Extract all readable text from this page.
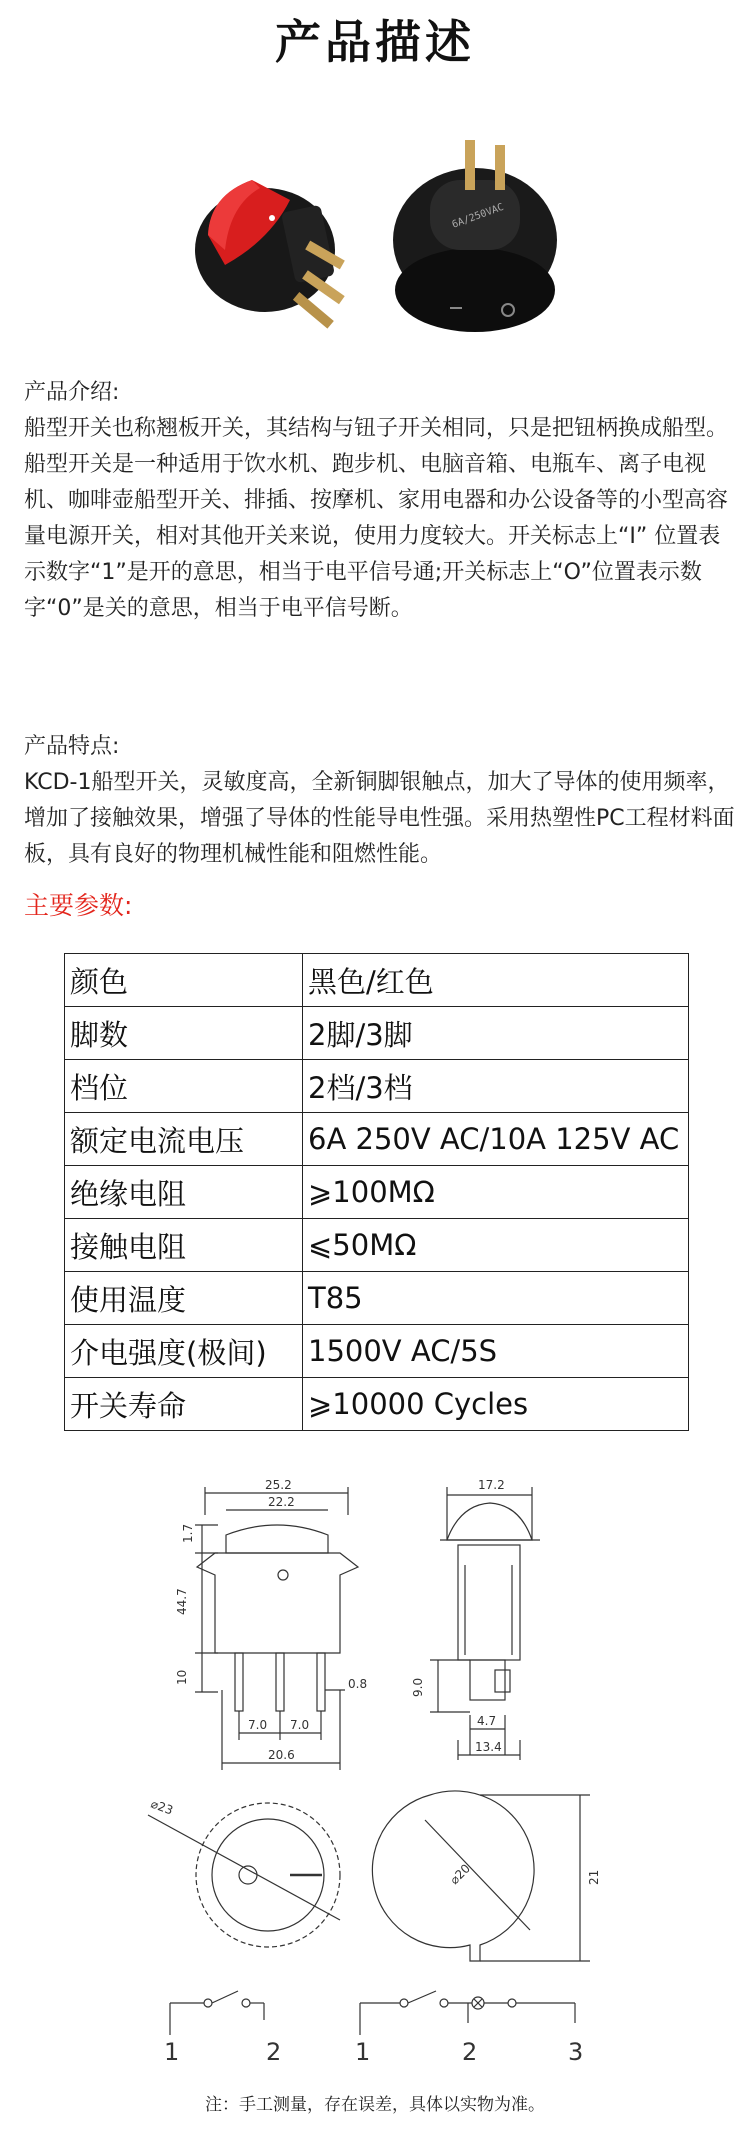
产品描述
6A/250VAC

产品介绍:

船型开关也称翘板开关，其结构与钮子开关相同，只是把钮柄换成船型。船型开关是一种适用于饮水机、跑步机、电脑音箱、电瓶车、离子电视机、咖啡壶船型开关、排插、按摩机、家用电器和办公设备等的小型高容量电源开关，相对其他开关来说，使用力度较大。开关标志上“I” 位置表示数字“1”是开的意思，相当于电平信号通;开关标志上“O”位置表示数字“0”是关的意思，相当于电平信号断。

产品特点:

KCD-1船型开关，灵敏度高，全新铜脚银触点，加大了导体的使用频率，增加了接触效果，增强了导体的性能导电性强。采用热塑性PC工程材料面板，具有良好的物理机械性能和阻燃性能。

主要参数:
颜色	黑色/红色
脚数	2脚/3脚
档位	2档/3档
额定电流电压	6A 250V AC/10A 125V AC
绝缘电阻	⩾100MΩ
接触电阻	⩽50MΩ
使用温度	T85
介电强度(极间)	1500V AC/5S
开关寿命	⩾10000 Cycles
25.2
22.2
1.7
44.7
10	0.8
7.0 7.0
20.6
17.2
9.0
4.7
13.4
⌀23
⌀20	21
1	2	1	2	3
注：手工测量，存在误差，具体以实物为准。
